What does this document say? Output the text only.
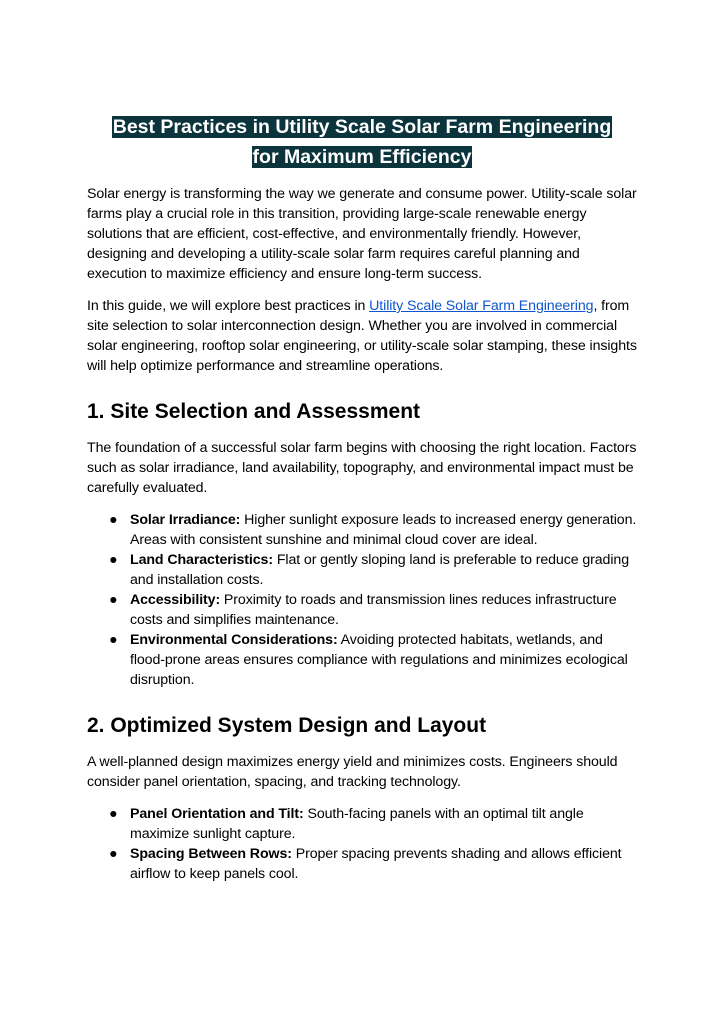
Best Practices in Utility Scale Solar Farm Engineering
for Maximum Efficiency

Solar energy is transforming the way we generate and consume power. Utility-scale solar farms play a crucial role in this transition, providing large-scale renewable energy solutions that are efficient, cost-effective, and environmentally friendly. However, designing and developing a utility-scale solar farm requires careful planning and execution to maximize efficiency and ensure long-term success.

In this guide, we will explore best practices in Utility Scale Solar Farm Engineering, from site selection to solar interconnection design. Whether you are involved in commercial solar engineering, rooftop solar engineering, or utility-scale solar stamping, these insights will help optimize performance and streamline operations.

1. Site Selection and Assessment

The foundation of a successful solar farm begins with choosing the right location. Factors such as solar irradiance, land availability, topography, and environmental impact must be carefully evaluated.

● Solar Irradiance: Higher sunlight exposure leads to increased energy generation. Areas with consistent sunshine and minimal cloud cover are ideal.
● Land Characteristics: Flat or gently sloping land is preferable to reduce grading and installation costs.
● Accessibility: Proximity to roads and transmission lines reduces infrastructure costs and simplifies maintenance.
● Environmental Considerations: Avoiding protected habitats, wetlands, and flood-prone areas ensures compliance with regulations and minimizes ecological disruption.
2. Optimized System Design and Layout

A well-planned design maximizes energy yield and minimizes costs. Engineers should consider panel orientation, spacing, and tracking technology.

● Panel Orientation and Tilt: South-facing panels with an optimal tilt angle maximize sunlight capture.
● Spacing Between Rows: Proper spacing prevents shading and allows efficient airflow to keep panels cool.
